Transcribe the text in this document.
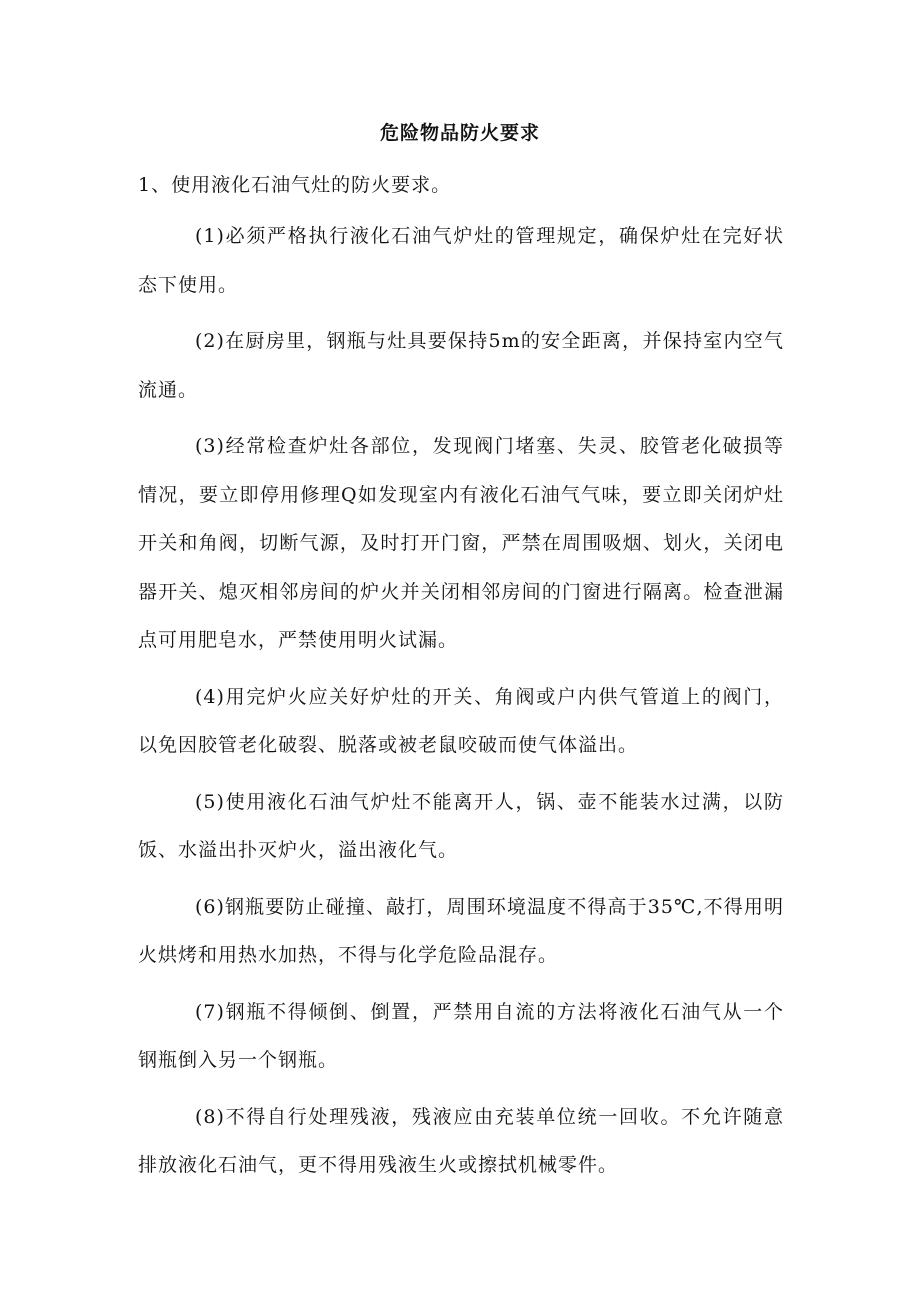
危险物品防火要求
1、使用液化石油气灶的防火要求。

(1)必须严格执行液化石油气炉灶的管理规定，确保炉灶在完好状态下使用。

(2)在厨房里，钢瓶与灶具要保持5m的安全距离，并保持室内空气流通。

(3)经常检查炉灶各部位，发现阀门堵塞、失灵、胶管老化破损等情况，要立即停用修理Q如发现室内有液化石油气气味，要立即关闭炉灶开关和角阀，切断气源，及时打开门窗，严禁在周围吸烟、划火，关闭电器开关、熄灭相邻房间的炉火并关闭相邻房间的门窗进行隔离。检查泄漏点可用肥皂水，严禁使用明火试漏。

(4)用完炉火应关好炉灶的开关、角阀或户内供气管道上的阀门，以免因胶管老化破裂、脱落或被老鼠咬破而使气体溢出。

(5)使用液化石油气炉灶不能离开人，锅、壶不能装水过满，以防饭、水溢出扑灭炉火，溢出液化气。

(6)钢瓶要防止碰撞、敲打，周围环境温度不得高于35℃,不得用明火烘烤和用热水加热，不得与化学危险品混存。

(7)钢瓶不得倾倒、倒置，严禁用自流的方法将液化石油气从一个钢瓶倒入另一个钢瓶。

(8)不得自行处理残液，残液应由充装单位统一回收。不允许随意排放液化石油气，更不得用残液生火或擦拭机械零件。
